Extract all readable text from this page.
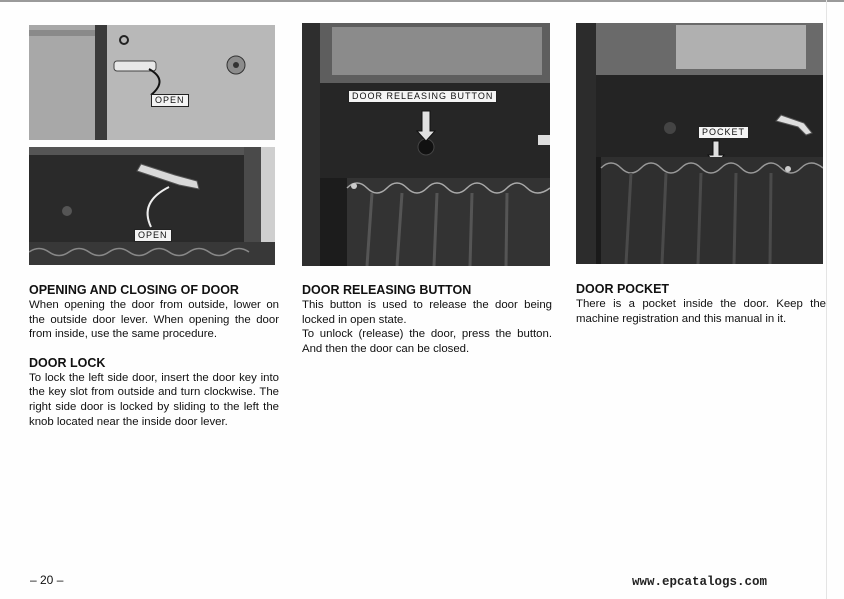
OPEN
OPEN
DOOR RELEASING BUTTON
POCKET
OPENING AND CLOSING OF DOOR

When opening the door from outside, lower on the outside door lever. When opening the door from inside, use the same procedure.

DOOR LOCK

To lock the left side door, insert the door key into the key slot from outside and turn clockwise. The right side door is locked by sliding to the left the knob located near the inside door lever.

DOOR RELEASING BUTTON

This button is used to release the door being locked in open state.

To unlock (release) the door, press the button. And then the door can be closed.

DOOR POCKET

There is a pocket inside the door. Keep the machine registration and this manual in it.

– 20 –	www.epcatalogs.com
